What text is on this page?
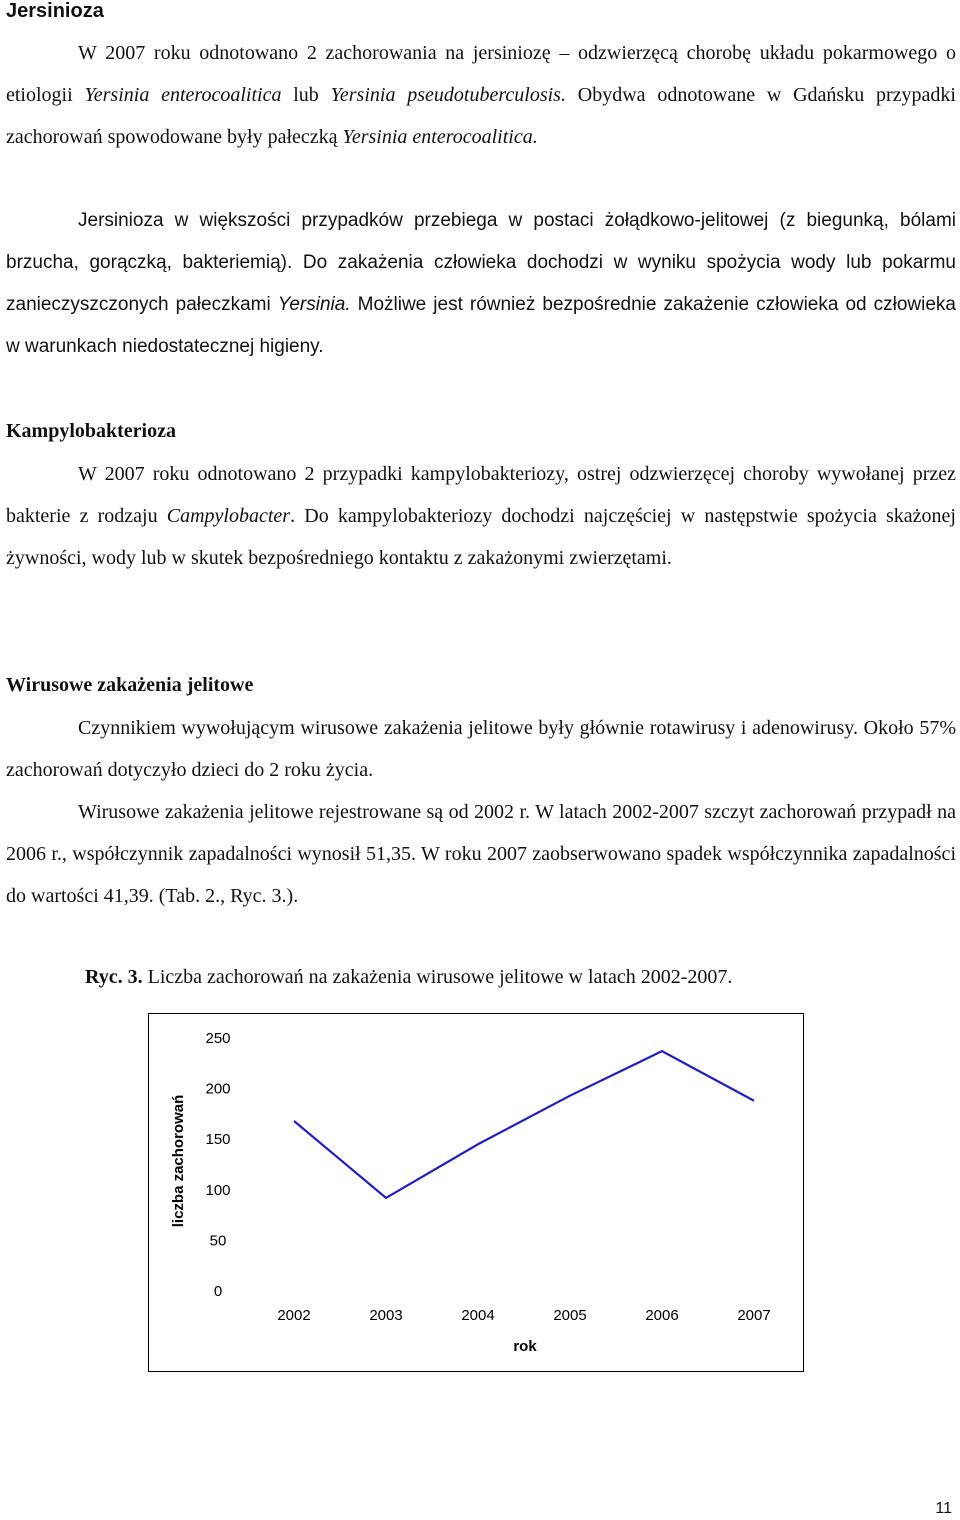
Jersinioza

W 2007 roku odnotowano 2 zachorowania na jersiniozę – odzwierzęcą chorobę układu pokarmowego o etiologii Yersinia enterocoalitica lub Yersinia pseudotuberculosis. Obydwa odnotowane w Gdańsku przypadki zachorowań spowodowane były pałeczką Yersinia enterocoalitica.

Jersinioza w większości przypadków przebiega w postaci żołądkowo-jelitowej (z biegunką, bólami brzucha, gorączką, bakteriemią). Do zakażenia człowieka dochodzi w wyniku spożycia wody lub pokarmu zanieczyszczonych pałeczkami Yersinia. Możliwe jest również bezpośrednie zakażenie człowieka od człowieka w warunkach niedostatecznej higieny.

Kampylobakterioza

W 2007 roku odnotowano 2 przypadki kampylobakteriozy, ostrej odzwierzęcej choroby wywołanej przez bakterie z rodzaju Campylobacter. Do kampylobakteriozy dochodzi najczęściej w następstwie spożycia skażonej żywności, wody lub w skutek bezpośredniego kontaktu z zakażonymi zwierzętami.

Wirusowe zakażenia jelitowe

Czynnikiem wywołującym wirusowe zakażenia jelitowe były głównie rotawirusy i adenowirusy. Około 57% zachorowań dotyczyło dzieci do 2 roku życia.

Wirusowe zakażenia jelitowe rejestrowane są od 2002 r. W latach 2002-2007 szczyt zachorowań przypadł na 2006 r., współczynnik zapadalności wynosił 51,35. W roku 2007 zaobserwowano spadek współczynnika zapadalności do wartości 41,39. (Tab. 2., Ryc. 3.).

Ryc. 3. Liczba zachorowań na zakażenia wirusowe jelitowe w latach 2002-2007.
0
50
100
150
200
250
2002	2003	2004	2005	2006	2007
rok
liczba zachorowań
11
